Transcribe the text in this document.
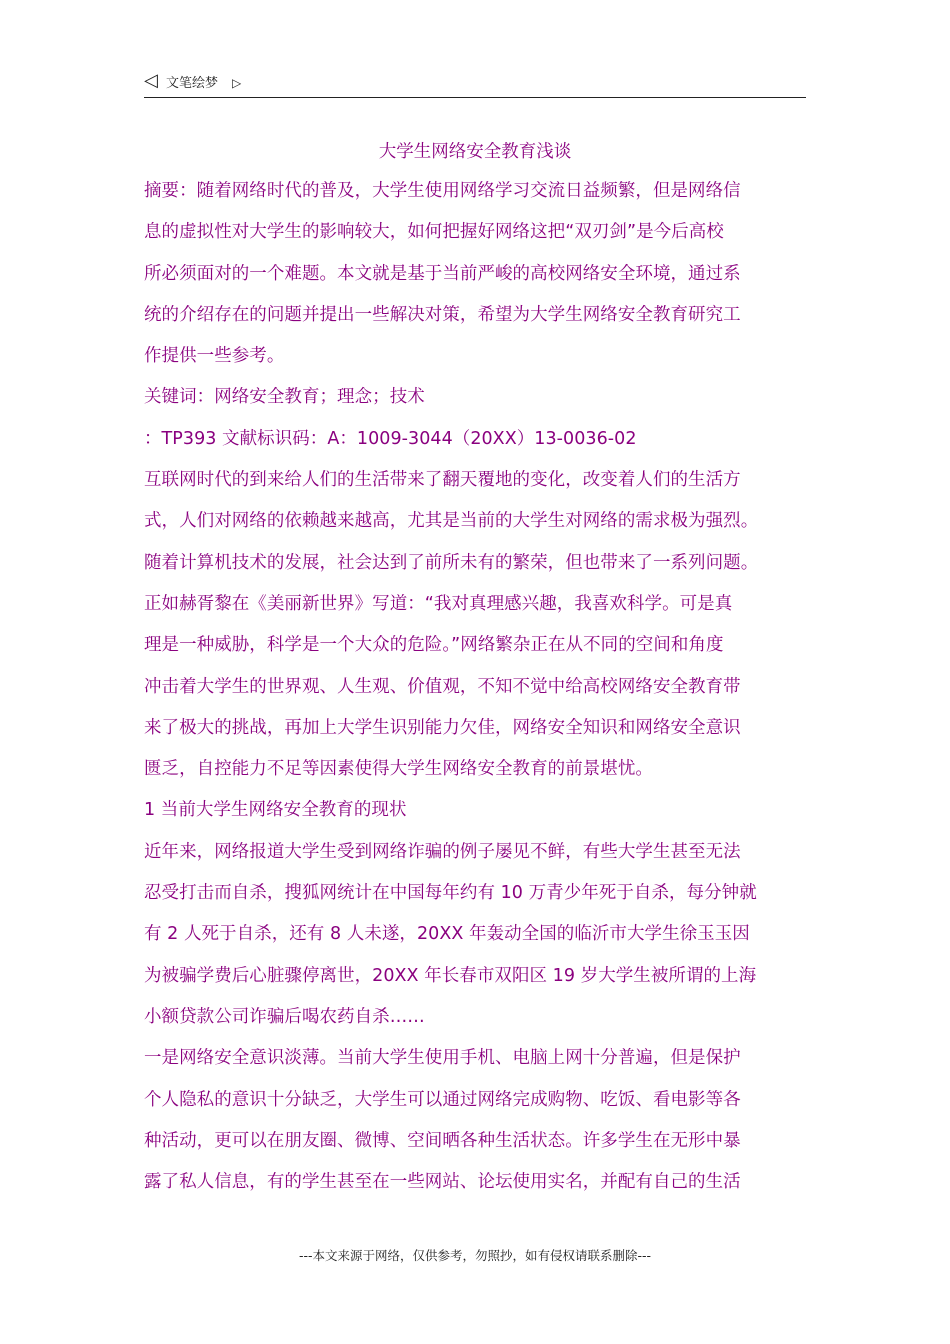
◁ 文笔绘梦 ▷
大学生网络安全教育浅谈

摘要：随着网络时代的普及，大学生使用网络学习交流日益频繁，但是网络信

息的虚拟性对大学生的影响较大，如何把握好网络这把“双刃剑”是今后高校

所必须面对的一个难题。本文就是基于当前严峻的高校网络安全环境，通过系

统的介绍存在的问题并提出一些解决对策，希望为大学生网络安全教育研究工

作提供一些参考。

关键词：网络安全教育；理念；技术

：TP393 文献标识码：A：1009-3044（20XX）13-0036-02

互联网时代的到来给人们的生活带来了翻天覆地的变化，改变着人们的生活方

式，人们对网络的依赖越来越高，尤其是当前的大学生对网络的需求极为强烈。

随着计算机技术的发展，社会达到了前所未有的繁荣，但也带来了一系列问题。

正如赫胥黎在《美丽新世界》写道：“我对真理感兴趣，我喜欢科学。可是真

理是一种威胁，科学是一个大众的危险。”网络繁杂正在从不同的空间和角度

冲击着大学生的世界观、人生观、价值观，不知不觉中给高校网络安全教育带

来了极大的挑战，再加上大学生识别能力欠佳，网络安全知识和网络安全意识

匮乏，自控能力不足等因素使得大学生网络安全教育的前景堪忧。

1 当前大学生网络安全教育的现状

近年来，网络报道大学生受到网络诈骗的例子屡见不鲜，有些大学生甚至无法

忍受打击而自杀，搜狐网统计在中国每年约有 10 万青少年死于自杀，每分钟就

有 2 人死于自杀，还有 8 人未遂，20XX 年轰动全国的临沂市大学生徐玉玉因

为被骗学费后心脏骤停离世，20XX 年长春市双阳区 19 岁大学生被所谓的上海

小额贷款公司诈骗后喝农药自杀……

一是网络安全意识淡薄。当前大学生使用手机、电脑上网十分普遍，但是保护

个人隐私的意识十分缺乏，大学生可以通过网络完成购物、吃饭、看电影等各

种活动，更可以在朋友圈、微博、空间晒各种生活状态。许多学生在无形中暴

露了私人信息，有的学生甚至在一些网站、论坛使用实名，并配有自己的生活

---本文来源于网络，仅供参考，勿照抄，如有侵权请联系删除---
